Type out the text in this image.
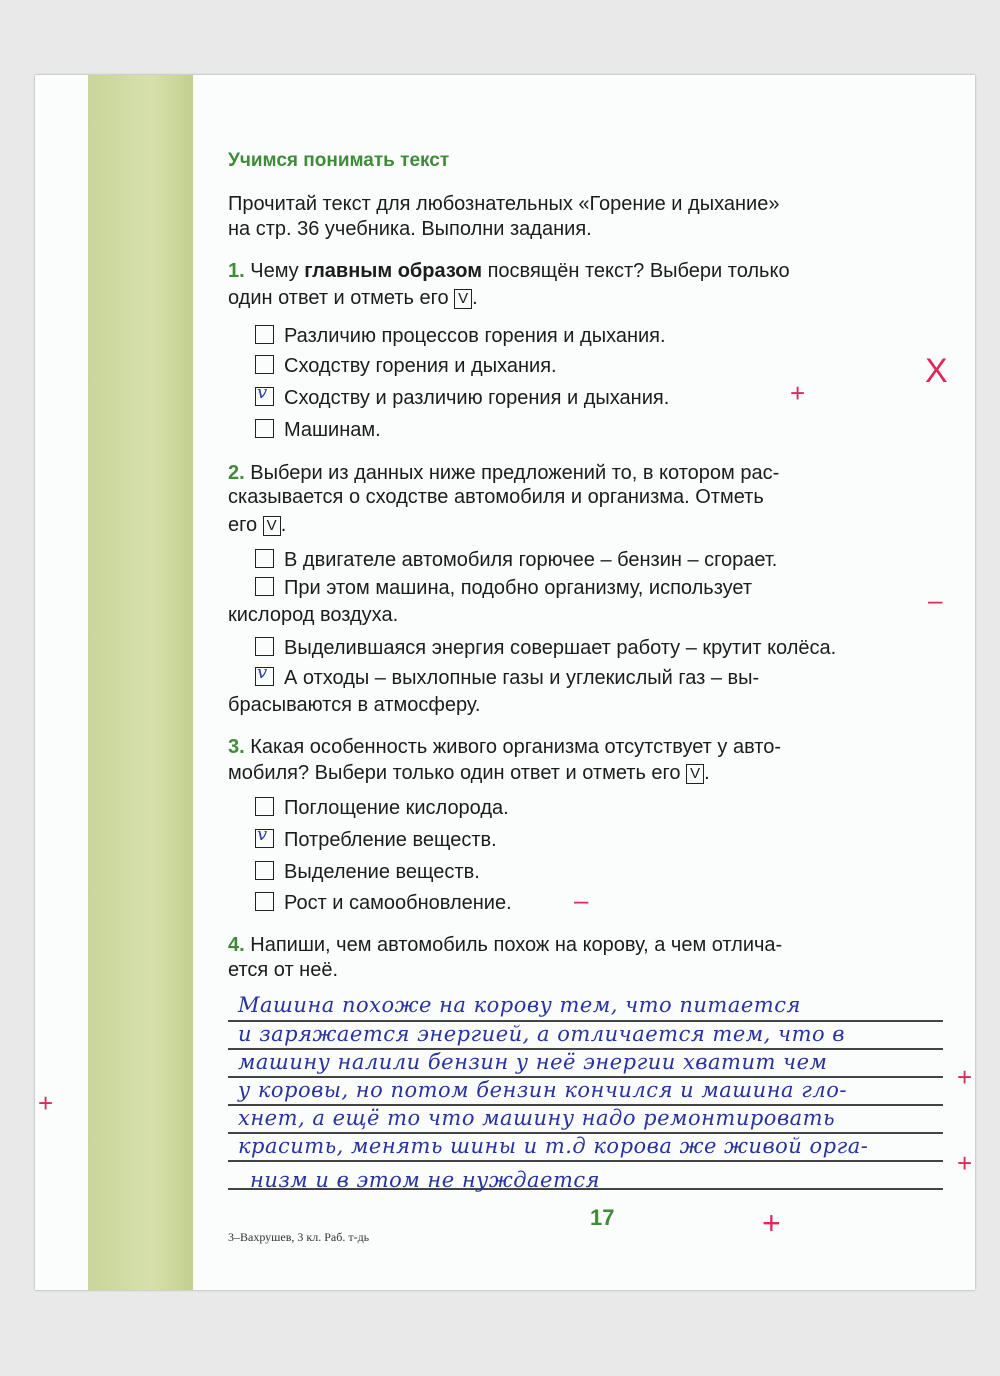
Учимся понимать текст
Прочитай текст для любознательных «Горение и дыхание»
на стр. 36 учебника. Выполни задания.
1. Чему главным образом посвящён текст? Выбери только
один ответ и отметь его V .
Различию процессов горения и дыхания.
Сходству горения и дыхания.
v Сходству и различию горения и дыхания.
Машинам.
2. Выбери из данных ниже предложений то, в котором рас-
сказывается о сходстве автомобиля и организма. Отметь
его V .
В двигателе автомобиля горючее – бензин – сгорает.
При этом машина, подобно организму, использует
кислород воздуха.
Выделившаяся энергия совершает работу – крутит колёса.
v А отходы – выхлопные газы и углекислый газ – вы-
брасываются в атмосферу.
3. Какая особенность живого организма отсутствует у авто-
мобиля? Выбери только один ответ и отметь его V .
Поглощение кислорода.
v Потребление веществ.
Выделение веществ.
Рост и самообновление.
4. Напиши, чем автомобиль похож на корову, а чем отлича-
ется от неё.
Машина похоже на корову тем, что питается
и заряжается энергией, а отличается тем, что в
машину налили бензин у неё энергии хватит чем
у коровы, но потом бензин кончился и машина гло-
хнет, а ещё то что машину надо ремонтировать
красить, менять шины и т.д корова же живой орга-
низм и в этом не нуждается
X
+
–
–
+
+
+
+
17
3–Вахрушев, 3 кл. Раб. т-дь
